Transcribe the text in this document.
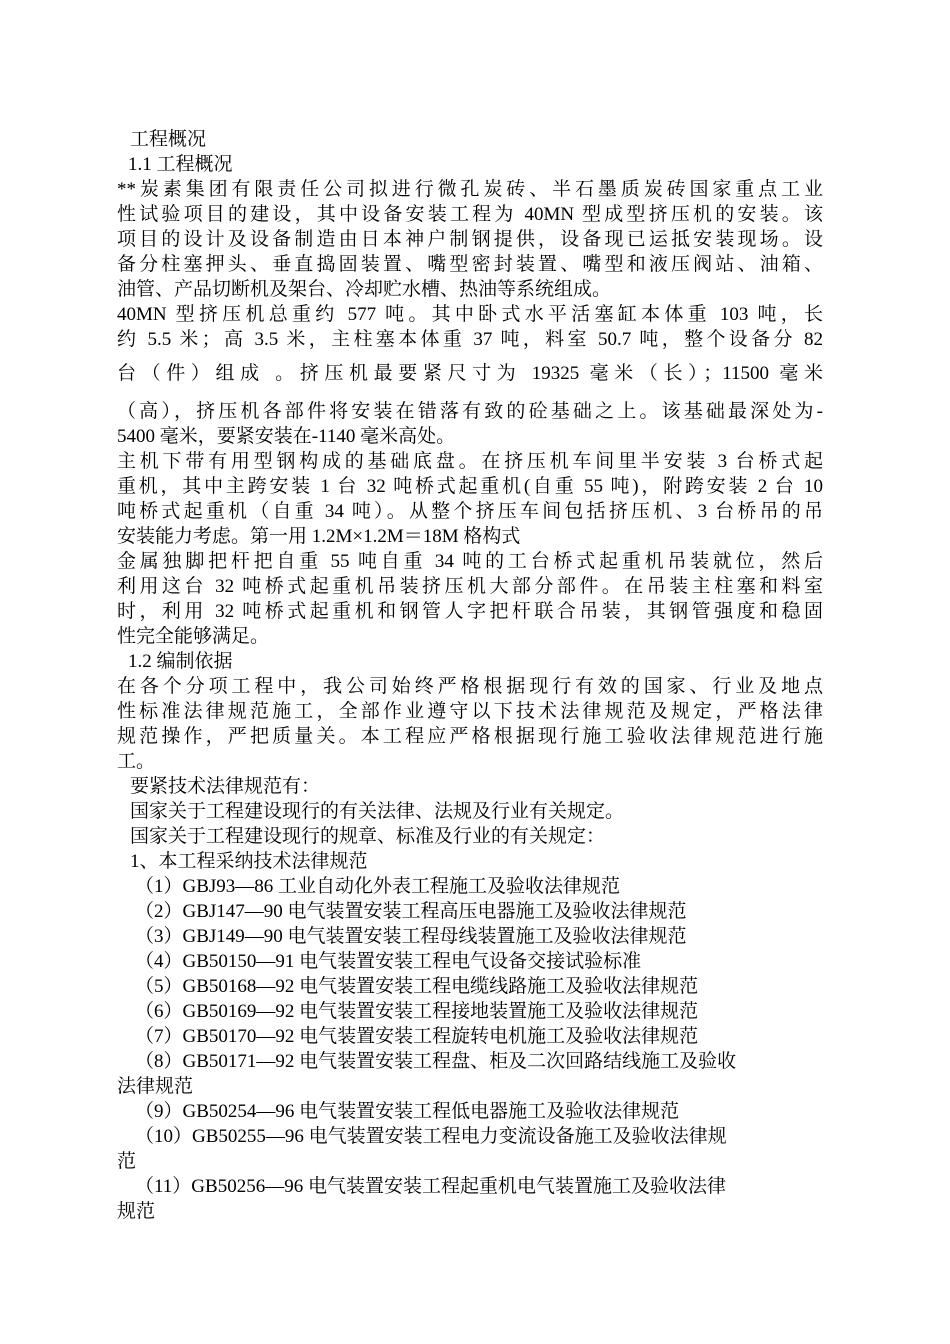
工程概况
1.1 工程概况
**炭素集团有限责任公司拟进行微孔炭砖、半石墨质炭砖国家重点工业
性试验项目的建设，其中设备安装工程为 40MN 型成型挤压机的安装。该
项目的设计及设备制造由日本神户制钢提供，设备现已运抵安装现场。设
备分柱塞押头、垂直捣固装置、嘴型密封装置、嘴型和液压阀站、油箱、
油管、产品切断机及架台、冷却贮水槽、热油等系统组成。
40MN 型挤压机总重约 577 吨。其中卧式水平活塞缸本体重 103 吨，长
约 5.5 米；高 3.5 米，主柱塞本体重 37 吨，料室 50.7 吨，整个设备分 82
台（件）组成 。挤压机最要紧尺寸为 19325 毫米（长）；11500 毫米
（高），挤压机各部件将安装在错落有致的砼基础之上。该基础最深处为-
5400 毫米，要紧安装在-1140 毫米高处。
主机下带有用型钢构成的基础底盘。在挤压机车间里半安装 3 台桥式起
重机，其中主跨安装 1 台 32 吨桥式起重机(自重 55 吨)，附跨安装 2 台 10
吨桥式起重机（自重 34 吨）。从整个挤压车间包括挤压机、3 台桥吊的吊
安装能力考虑。第一用 1.2M×1.2M＝18M 格构式
金属独脚把杆把自重 55 吨自重 34 吨的工台桥式起重机吊装就位，然后
利用这台 32 吨桥式起重机吊装挤压机大部分部件。在吊装主柱塞和料室
时，利用 32 吨桥式起重机和钢管人字把杆联合吊装，其钢管强度和稳固
性完全能够满足。
1.2 编制依据
在各个分项工程中，我公司始终严格根据现行有效的国家、行业及地点
性标准法律规范施工，全部作业遵守以下技术法律规范及规定，严格法律
规范操作，严把质量关。本工程应严格根据现行施工验收法律规范进行施
工。
要紧技术法律规范有：
国家关于工程建设现行的有关法律、法规及行业有关规定。
国家关于工程建设现行的规章、标准及行业的有关规定：
1、本工程采纳技术法律规范
（1）GBJ93—86 工业自动化外表工程施工及验收法律规范
（2）GBJ147—90 电气装置安装工程高压电器施工及验收法律规范
（3）GBJ149—90 电气装置安装工程母线装置施工及验收法律规范
（4）GB50150—91 电气装置安装工程电气设备交接试验标准
（5）GB50168—92 电气装置安装工程电缆线路施工及验收法律规范
（6）GB50169—92 电气装置安装工程接地装置施工及验收法律规范
（7）GB50170—92 电气装置安装工程旋转电机施工及验收法律规范
（8）GB50171—92 电气装置安装工程盘、柜及二次回路结线施工及验收
法律规范
（9）GB50254—96 电气装置安装工程低电器施工及验收法律规范
（10）GB50255—96 电气装置安装工程电力变流设备施工及验收法律规
范
（11）GB50256—96 电气装置安装工程起重机电气装置施工及验收法律
规范
